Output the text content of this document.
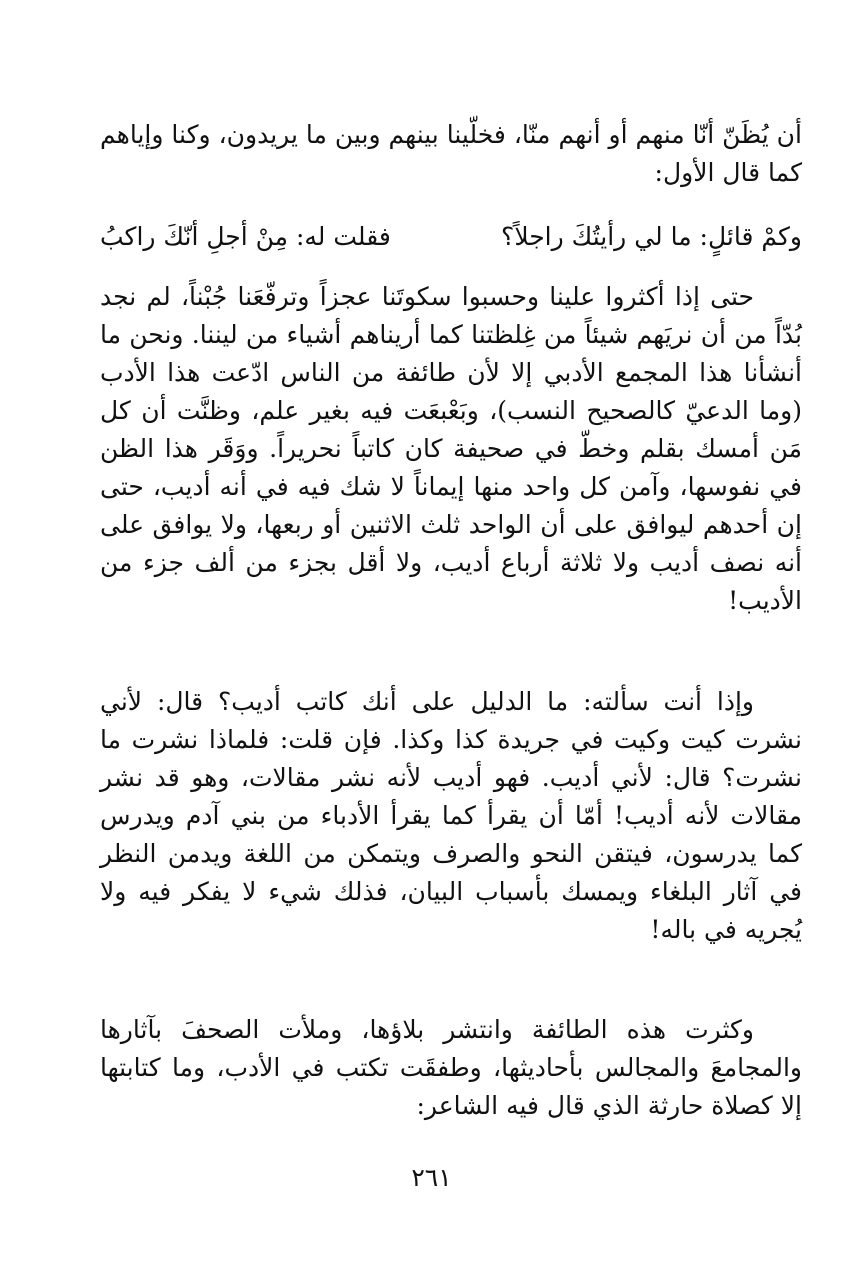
أن يُظَنّ أنّا منهم أو أنهم منّا، فخلّينا بينهم وبين ما يريدون، وكنا وإياهم كما قال الأول:

وكمْ قائلٍ: ما لي رأيتُكَ راجلاً؟
فقلت له: مِنْ أجلِ أنّكَ راكبُ

حتى إذا أكثروا علينا وحسبوا سكوتَنا عجزاً وترفّعَنا جُبْناً، لم نجد بُدّاً من أن نريَهم شيئاً من غِلظتنا كما أريناهم أشياء من ليننا. ونحن ما أنشأنا هذا المجمع الأدبي إلا لأن طائفة من الناس ادّعت هذا الأدب (وما الدعيّ كالصحيح النسب)، وبَعْبعَت فيه بغير علم، وظنَّت أن كل مَن أمسك بقلم وخطّ في صحيفة كان كاتباً نحريراً. ووَقَر هذا الظن في نفوسها، وآمن كل واحد منها إيماناً لا شك فيه في أنه أديب، حتى إن أحدهم ليوافق على أن الواحد ثلث الاثنين أو ربعها، ولا يوافق على أنه نصف أديب ولا ثلاثة أرباع أديب، ولا أقل بجزء من ألف جزء من الأديب!

وإذا أنت سألته: ما الدليل على أنك كاتب أديب؟ قال: لأني نشرت كيت وكيت في جريدة كذا وكذا. فإن قلت: فلماذا نشرت ما نشرت؟ قال: لأني أديب. فهو أديب لأنه نشر مقالات، وهو قد نشر مقالات لأنه أديب! أمّا أن يقرأ كما يقرأ الأدباء من بني آدم ويدرس كما يدرسون، فيتقن النحو والصرف ويتمكن من اللغة ويدمن النظر في آثار البلغاء ويمسك بأسباب البيان، فذلك شيء لا يفكر فيه ولا يُجريه في باله!

وكثرت هذه الطائفة وانتشر بلاؤها، وملأت الصحفَ بآثارها والمجامعَ والمجالس بأحاديثها، وطفقَت تكتب في الأدب، وما كتابتها إلا كصلاة حارثة الذي قال فيه الشاعر:

٢٦١
